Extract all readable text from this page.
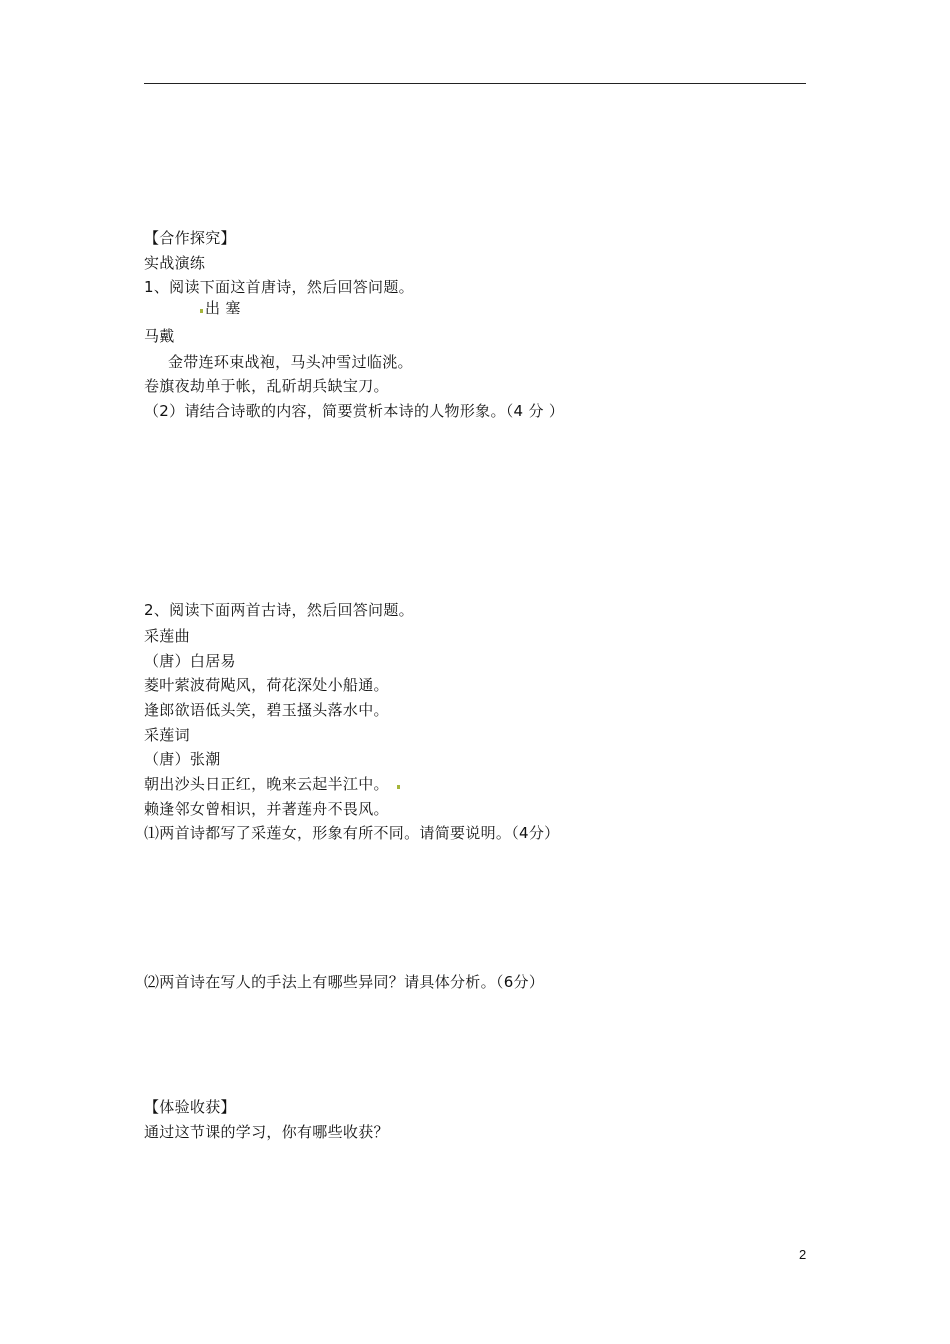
【合作探究】
实战演练
1、阅读下面这首唐诗，然后回答问题。
出 塞
马戴
金带连环束战袍，马头冲雪过临洮。
卷旗夜劫单于帐，乱斫胡兵缺宝刀。
（2）请结合诗歌的内容，简要赏析本诗的人物形象。（4 分 ）
2、阅读下面两首古诗，然后回答问题。
采莲曲
（唐）白居易
菱叶萦波荷飐风，荷花深处小船通。
逢郎欲语低头笑，碧玉搔头落水中。
采莲词
（唐）张潮
朝出沙头日正红，晚来云起半江中。
赖逢邻女曾相识，并著莲舟不畏风。
⑴两首诗都写了采莲女，形象有所不同。请简要说明。（4分）
⑵两首诗在写人的手法上有哪些异同？请具体分析。（6分）
【体验收获】
通过这节课的学习，你有哪些收获？
2
